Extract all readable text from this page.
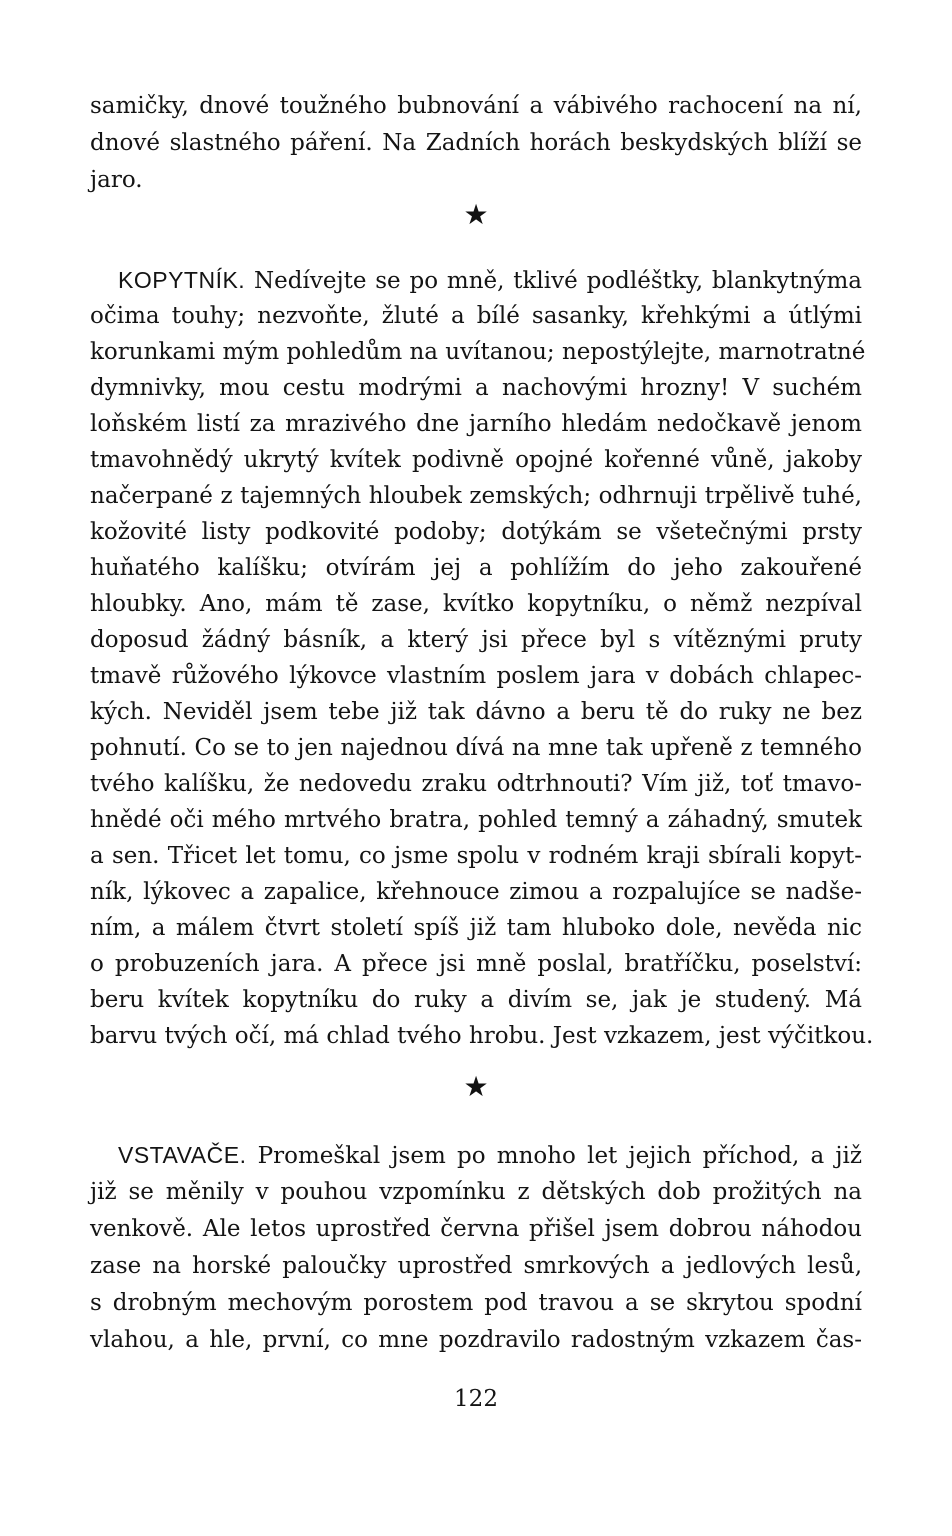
samičky, dnové toužného bubnování a vábivého rachocení na ní,
dnové slastného páření. Na Zadních horách beskydských blíží se
jaro.
★
KOPYTNÍK. Nedívejte se po mně, tklivé podléštky, blankytnýma
očima touhy; nezvoňte, žluté a bílé sasanky, křehkými a útlými
korunkami mým pohledům na uvítanou; nepostýlejte, marnotratné
dymnivky, mou cestu modrými a nachovými hrozny! V suchém
loňském listí za mrazivého dne jarního hledám nedočkavě jenom
tmavohnědý ukrytý kvítek podivně opojné kořenné vůně, jakoby
načerpané z tajemných hloubek zemských; odhrnuji trpělivě tuhé,
kožovité listy podkovité podoby; dotýkám se všetečnými prsty
huňatého kalíšku; otvírám jej a pohlížím do jeho zakouřené
hloubky. Ano, mám tě zase, kvítko kopytníku, o němž nezpíval
doposud žádný básník, a který jsi přece byl s vítěznými pruty
tmavě růžového lýkovce vlastním poslem jara v dobách chlapec-
kých. Neviděl jsem tebe již tak dávno a beru tě do ruky ne bez
pohnutí. Co se to jen najednou dívá na mne tak upřeně z temného
tvého kalíšku, že nedovedu zraku odtrhnouti? Vím již, toť tmavo-
hnědé oči mého mrtvého bratra, pohled temný a záhadný, smutek
a sen. Třicet let tomu, co jsme spolu v rodném kraji sbírali kopyt-
ník, lýkovec a zapalice, křehnouce zimou a rozpalujíce se nadše-
ním, a málem čtvrt století spíš již tam hluboko dole, nevěda nic
o probuzeních jara. A přece jsi mně poslal, bratříčku, poselství:
beru kvítek kopytníku do ruky a divím se, jak je studený. Má
barvu tvých očí, má chlad tvého hrobu. Jest vzkazem, jest výčitkou.
★
VSTAVAČE. Promeškal jsem po mnoho let jejich příchod, a již
již se měnily v pouhou vzpomínku z dětských dob prožitých na
venkově. Ale letos uprostřed června přišel jsem dobrou náhodou
zase na horské paloučky uprostřed smrkových a jedlových lesů,
s drobným mechovým porostem pod travou a se skrytou spodní
vlahou, a hle, první, co mne pozdravilo radostným vzkazem čas-
122
